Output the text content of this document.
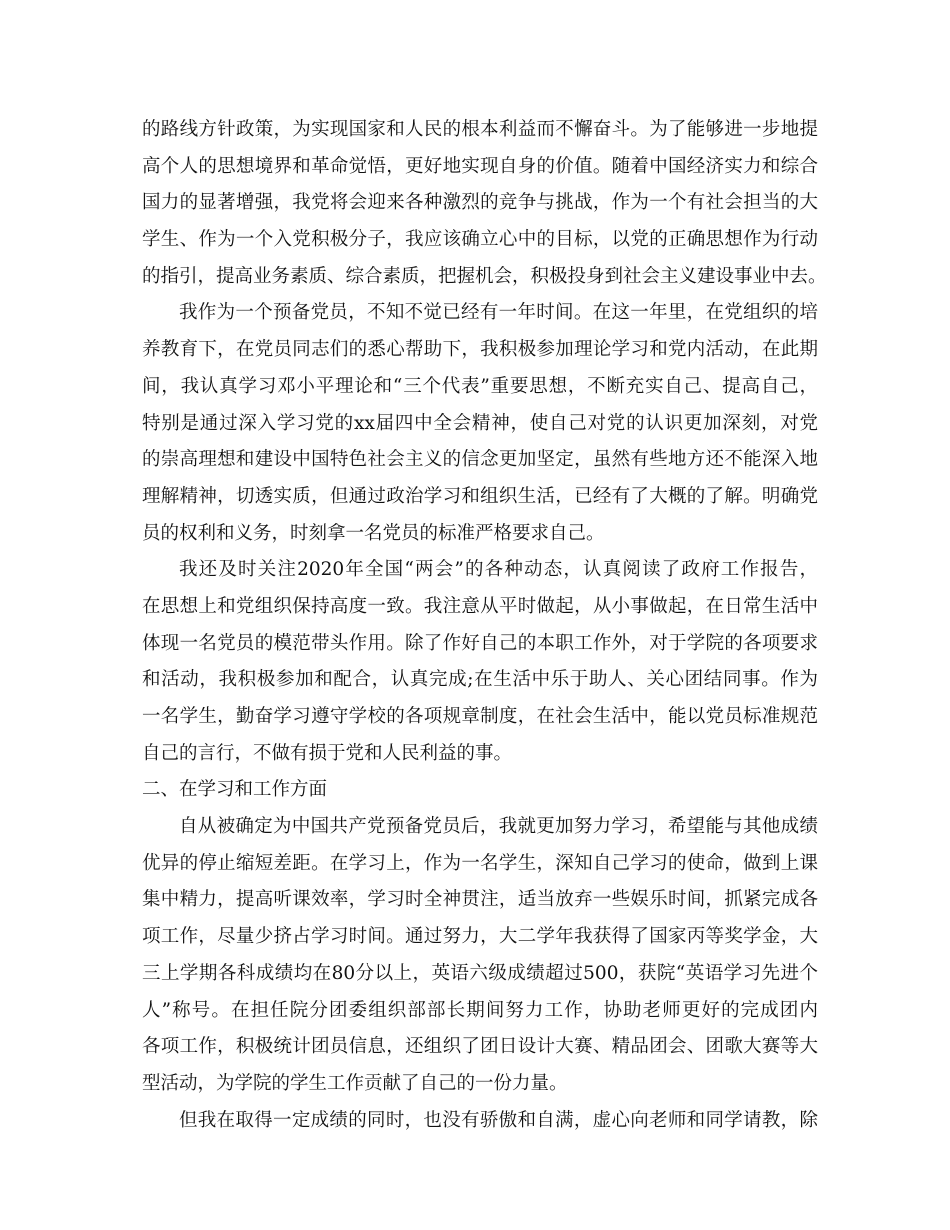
的路线方针政策，为实现国家和人民的根本利益而不懈奋斗。为了能够进一步地提
高个人的思想境界和革命觉悟，更好地实现自身的价值。随着中国经济实力和综合
国力的显著增强，我党将会迎来各种激烈的竞争与挑战，作为一个有社会担当的大
学生、作为一个入党积极分子，我应该确立心中的目标，以党的正确思想作为行动
的指引，提高业务素质、综合素质，把握机会，积极投身到社会主义建设事业中去。
我作为一个预备党员，不知不觉已经有一年时间。在这一年里，在党组织的培
养教育下，在党员同志们的悉心帮助下，我积极参加理论学习和党内活动，在此期
间，我认真学习邓小平理论和“三个代表”重要思想，不断充实自己、提高自己，
特别是通过深入学习党的xx届四中全会精神，使自己对党的认识更加深刻，对党
的崇高理想和建设中国特色社会主义的信念更加坚定，虽然有些地方还不能深入地
理解精神，切透实质，但通过政治学习和组织生活，已经有了大概的了解。明确党
员的权利和义务，时刻拿一名党员的标准严格要求自己。
我还及时关注2020年全国“两会”的各种动态，认真阅读了政府工作报告，
在思想上和党组织保持高度一致。我注意从平时做起，从小事做起，在日常生活中
体现一名党员的模范带头作用。除了作好自己的本职工作外，对于学院的各项要求
和活动，我积极参加和配合，认真完成;在生活中乐于助人、关心团结同事。作为
一名学生，勤奋学习遵守学校的各项规章制度，在社会生活中，能以党员标准规范
自己的言行，不做有损于党和人民利益的事。
二、在学习和工作方面
自从被确定为中国共产党预备党员后，我就更加努力学习，希望能与其他成绩
优异的停止缩短差距。在学习上，作为一名学生，深知自己学习的使命，做到上课
集中精力，提高听课效率，学习时全神贯注，适当放弃一些娱乐时间，抓紧完成各
项工作，尽量少挤占学习时间。通过努力，大二学年我获得了国家丙等奖学金，大
三上学期各科成绩均在80分以上，英语六级成绩超过500，获院“英语学习先进个
人”称号。在担任院分团委组织部部长期间努力工作，协助老师更好的完成团内
各项工作，积极统计团员信息，还组织了团日设计大赛、精品团会、团歌大赛等大
型活动，为学院的学生工作贡献了自己的一份力量。
但我在取得一定成绩的同时，也没有骄傲和自满，虚心向老师和同学请教，除
